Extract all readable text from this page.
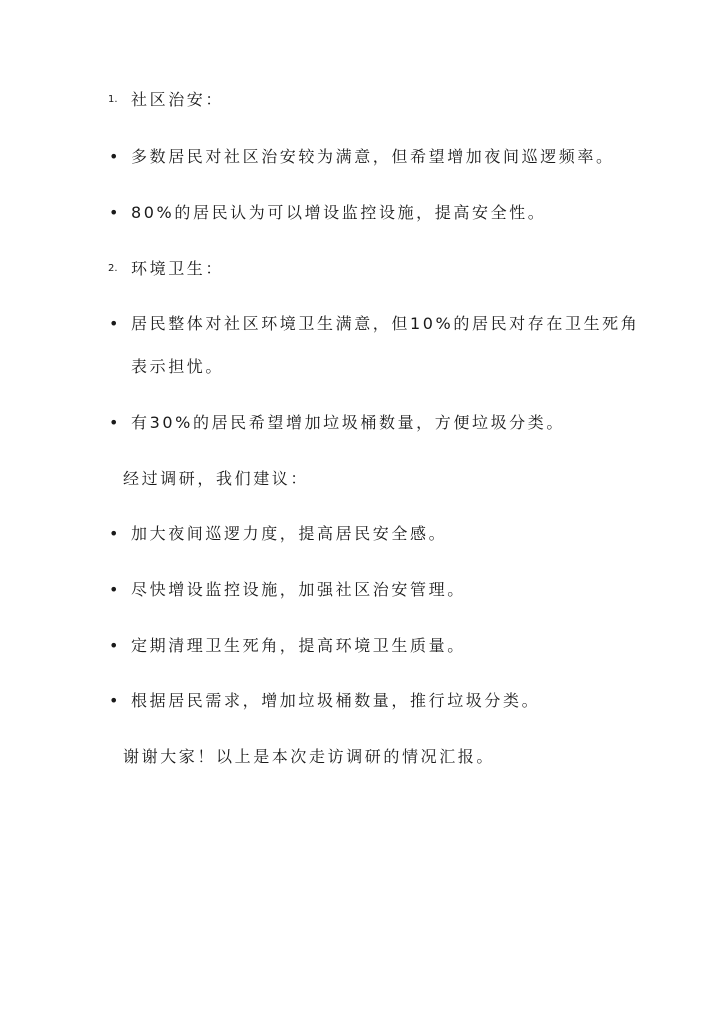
1. 社区治安：
• 多数居民对社区治安较为满意，但希望增加夜间巡逻频率。
• 80%的居民认为可以增设监控设施，提高安全性。
2. 环境卫生：
• 居民整体对社区环境卫生满意，但10%的居民对存在卫生死角
表示担忧。
• 有30%的居民希望增加垃圾桶数量，方便垃圾分类。
经过调研，我们建议：
• 加大夜间巡逻力度，提高居民安全感。
• 尽快增设监控设施，加强社区治安管理。
• 定期清理卫生死角，提高环境卫生质量。
• 根据居民需求，增加垃圾桶数量，推行垃圾分类。
谢谢大家！以上是本次走访调研的情况汇报。
